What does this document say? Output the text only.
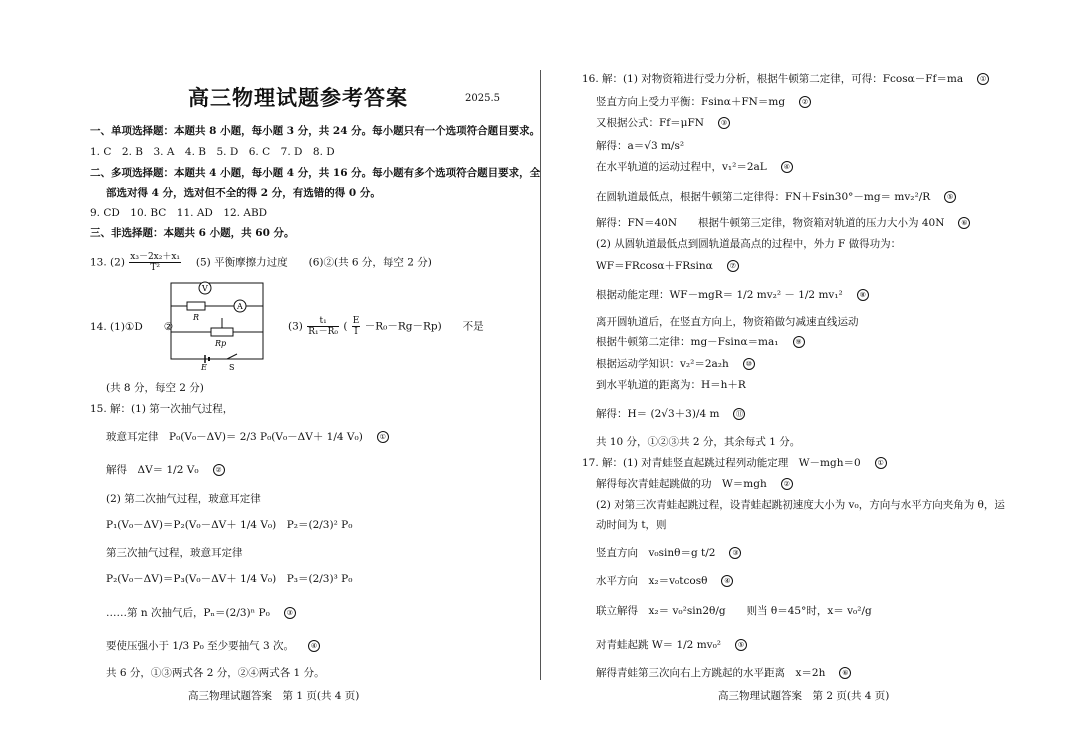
高三物理试题参考答案	2025.5
一、单项选择题：本题共 8 小题，每小题 3 分，共 24 分。每小题只有一个选项符合题目要求。
1. C　2. B　3. A　4. B　5. D　6. C　7. D　8. D
二、多项选择题：本题共 4 小题，每小题 4 分，共 16 分。每小题有多个选项符合题目要求，全
部选对得 4 分，选对但不全的得 2 分，有选错的得 0 分。
9. CD　10. BC　11. AD　12. ABD
三、非选择题：本题共 6 小题，共 60 分。
13. $(2) \frac{\text{x₃－2x₂＋x₁}}{\text{T²}}$ 　(5) 平衡摩擦力过度　　(6)②(共 6 分，每空 2 分)
14. (1)①D　　②
V
A
R
Rp
E	S
$(3) \frac{\text{t₁}}{\text{R₁－R₀}}$ ( $\frac{E}{I} -R_0-Rg-Rp$)　　不是
(共 8 分，每空 2 分)
15. 解：(1) 第一次抽气过程，
玻意耳定律　P₀(V₀－ΔV)＝ 2/3 P₀(V₀－ΔV＋ 1/4 V₀) ①
解得　ΔV＝ 1/2 V₀ ②
(2) 第二次抽气过程，玻意耳定律
P₁(V₀－ΔV)＝P₂(V₀－ΔV＋ 1/4 V₀)　P₂＝(2/3)² P₀
第三次抽气过程，玻意耳定律
P₂(V₀－ΔV)＝P₃(V₀－ΔV＋ 1/4 V₀)　P₃＝(2/3)³ P₀
……第 n 次抽气后，Pₙ＝(2/3)ⁿ P₀ ③
要使压强小于 1/3 P₀ 至少要抽气 3 次。 ④
共 6 分，①③两式各 2 分，②④两式各 1 分。
高三物理试题答案　第 1 页(共 4 页)
16. 解：(1) 对物资箱进行受力分析，根据牛顿第二定律，可得：Fcosα－Ff＝ma ①
竖直方向上受力平衡：Fsinα＋FN＝mg ②
又根据公式：Ff＝μFN ③
解得：a＝√3 m/s²
在水平轨道的运动过程中，v₁²＝2aL ④
在圆轨道最低点，根据牛顿第二定律得：FN＋Fsin30°－mg＝ mv₂²/R ⑤
解得：FN＝40N　　根据牛顿第三定律，物资箱对轨道的压力大小为 40N ⑥
(2) 从圆轨道最低点到圆轨道最高点的过程中，外力 F 做得功为：
WF＝FRcosα＋FRsinα ⑦
根据动能定理：WF－mgR＝ 1/2 mv₂² － 1/2 mv₁² ⑧
离开圆轨道后，在竖直方向上，物资箱做匀减速直线运动
根据牛顿第二定律：mg－Fsinα＝ma₁ ⑨
根据运动学知识：v₂²＝2a₂h ⑩
到水平轨道的距离为：H＝h＋R
解得：H＝ (2√3＋3)/4 m ⑪
共 10 分，①②③共 2 分，其余每式 1 分。
17. 解：(1) 对青蛙竖直起跳过程列动能定理　W－mgh＝0 ①
解得每次青蛙起跳做的功　W＝mgh ②
(2) 对第三次青蛙起跳过程，设青蛙起跳初速度大小为 v₀，方向与水平方向夹角为 θ，运
动时间为 t，则
竖直方向　v₀sinθ＝g t/2 ③
水平方向　x₂＝v₀tcosθ ④
联立解得　x₂＝ v₀²sin2θ/g　　则当 θ＝45°时，x＝ v₀²/g
对青蛙起跳 W＝ 1/2 mv₀² ⑤
解得青蛙第三次向右上方跳起的水平距离　x＝2h ⑥
高三物理试题答案　第 2 页(共 4 页)
